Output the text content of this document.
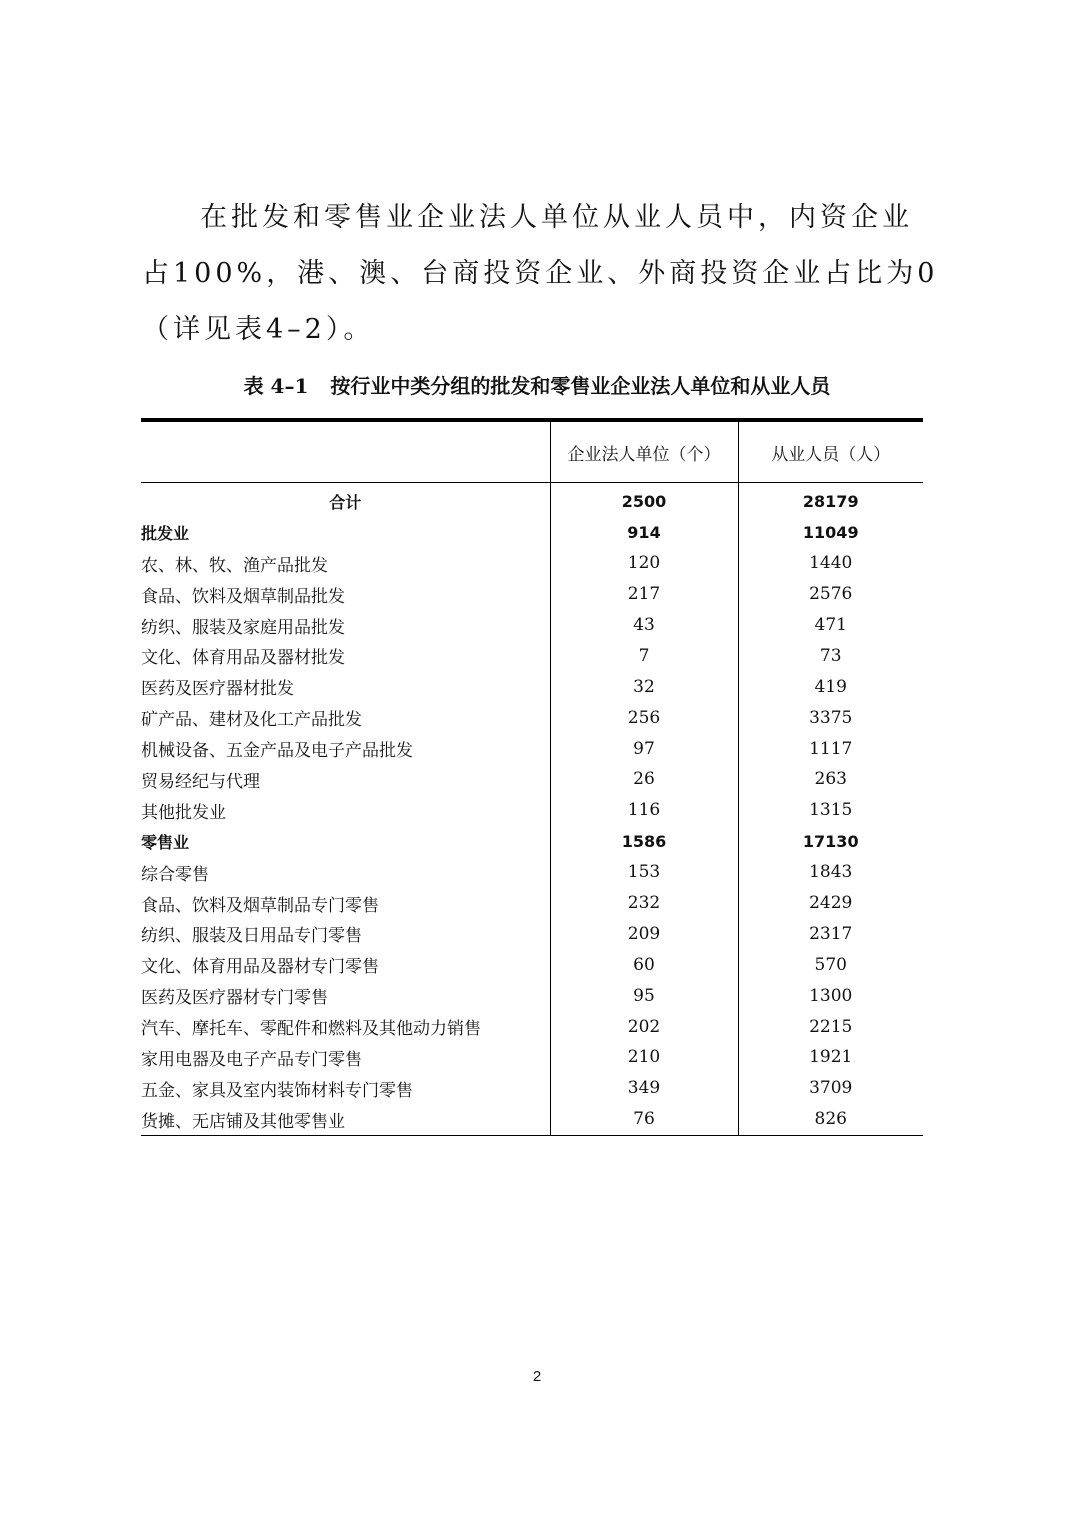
在批发和零售业企业法人单位从业人员中，内资企业占100%，港、澳、台商投资企业、外商投资企业占比为0（详见表4–2）。

表 4–1 按行业中类分组的批发和零售业企业法人单位和从业人员
	企业法人单位（个）	从业人员（人）
合计	2500	28179
批发业	914	11049
农、林、牧、渔产品批发	120	1440
食品、饮料及烟草制品批发	217	2576
纺织、服装及家庭用品批发	43	471
文化、体育用品及器材批发	7	73
医药及医疗器材批发	32	419
矿产品、建材及化工产品批发	256	3375
机械设备、五金产品及电子产品批发	97	1117
贸易经纪与代理	26	263
其他批发业	116	1315
零售业	1586	17130
综合零售	153	1843
食品、饮料及烟草制品专门零售	232	2429
纺织、服装及日用品专门零售	209	2317
文化、体育用品及器材专门零售	60	570
医药及医疗器材专门零售	95	1300
汽车、摩托车、零配件和燃料及其他动力销售	202	2215
家用电器及电子产品专门零售	210	1921
五金、家具及室内装饰材料专门零售	349	3709
货摊、无店铺及其他零售业	76	826
2
